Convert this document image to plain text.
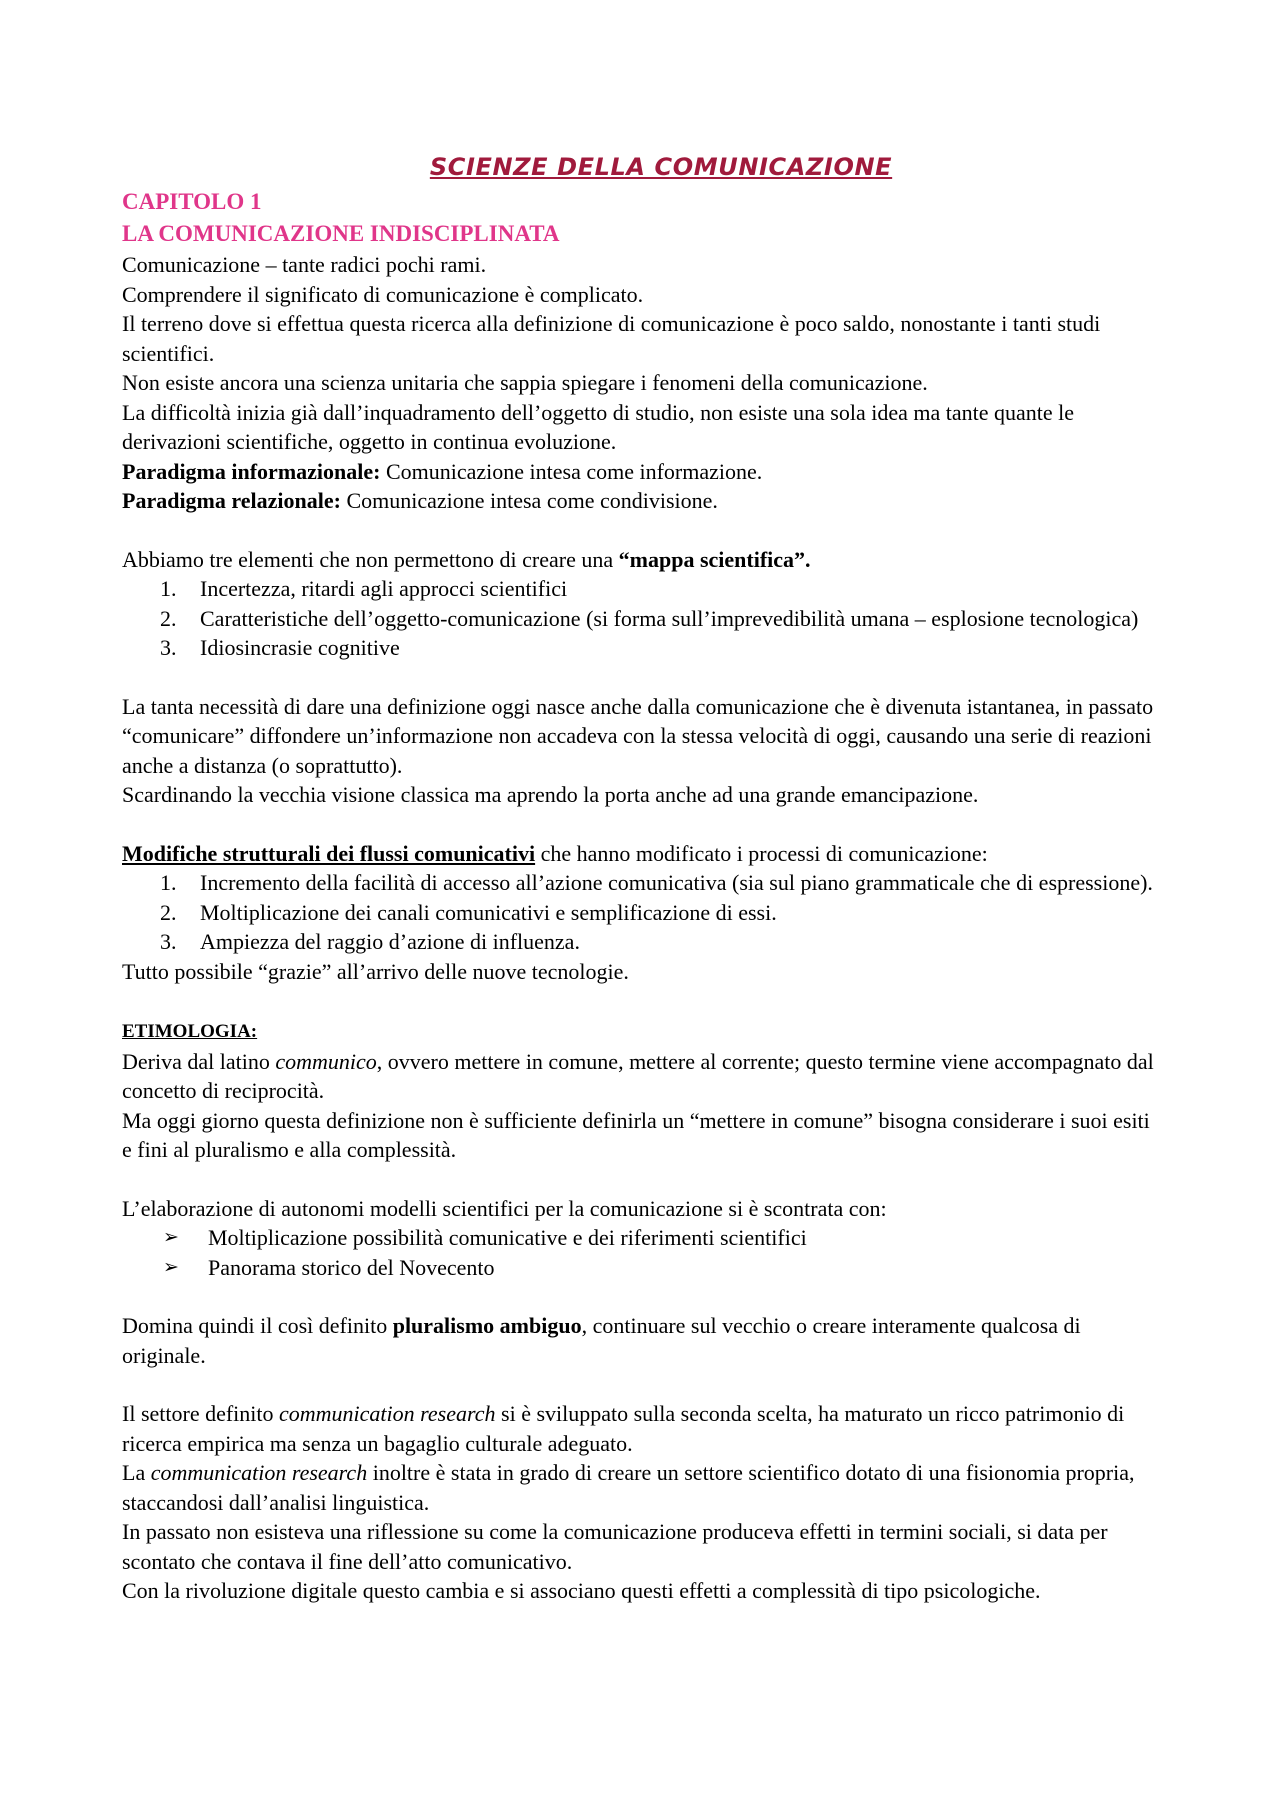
SCIENZE DELLA COMUNICAZIONE
CAPITOLO 1
LA COMUNICAZIONE INDISCIPLINATA

Comunicazione – tante radici pochi rami.

Comprendere il significato di comunicazione è complicato.

Il terreno dove si effettua questa ricerca alla definizione di comunicazione è poco saldo, nonostante i tanti studi scientifici.

Non esiste ancora una scienza unitaria che sappia spiegare i fenomeni della comunicazione.

La difficoltà inizia già dall’inquadramento dell’oggetto di studio, non esiste una sola idea ma tante quante le derivazioni scientifiche, oggetto in continua evoluzione.

Paradigma informazionale: Comunicazione intesa come informazione.

Paradigma relazionale: Comunicazione intesa come condivisione.

Abbiamo tre elementi che non permettono di creare una “mappa scientifica”.

1. Incertezza, ritardi agli approcci scientifici
2. Caratteristiche dell’oggetto-comunicazione (si forma sull’imprevedibilità umana – esplosione tecnologica)
3. Idiosincrasie cognitive

La tanta necessità di dare una definizione oggi nasce anche dalla comunicazione che è divenuta istantanea, in passato “comunicare” diffondere un’informazione non accadeva con la stessa velocità di oggi, causando una serie di reazioni anche a distanza (o soprattutto).

Scardinando la vecchia visione classica ma aprendo la porta anche ad una grande emancipazione.

Modifiche strutturali dei flussi comunicativi che hanno modificato i processi di comunicazione:

1. Incremento della facilità di accesso all’azione comunicativa (sia sul piano grammaticale che di espressione).
2. Moltiplicazione dei canali comunicativi e semplificazione di essi.
3. Ampiezza del raggio d’azione di influenza.

Tutto possibile “grazie” all’arrivo delle nuove tecnologie.

ETIMOLOGIA:

Deriva dal latino communico, ovvero mettere in comune, mettere al corrente; questo termine viene accompagnato dal concetto di reciprocità.

Ma oggi giorno questa definizione non è sufficiente definirla un “mettere in comune” bisogna considerare i suoi esiti e fini al pluralismo e alla complessità.

L’elaborazione di autonomi modelli scientifici per la comunicazione si è scontrata con:

➢ Moltiplicazione possibilità comunicative e dei riferimenti scientifici
➢ Panorama storico del Novecento

Domina quindi il così definito pluralismo ambiguo, continuare sul vecchio o creare interamente qualcosa di originale.

Il settore definito communication research si è sviluppato sulla seconda scelta, ha maturato un ricco patrimonio di ricerca empirica ma senza un bagaglio culturale adeguato.

La communication research inoltre è stata in grado di creare un settore scientifico dotato di una fisionomia propria, staccandosi dall’analisi linguistica.

In passato non esisteva una riflessione su come la comunicazione produceva effetti in termini sociali, si data per scontato che contava il fine dell’atto comunicativo.

Con la rivoluzione digitale questo cambia e si associano questi effetti a complessità di tipo psicologiche.
